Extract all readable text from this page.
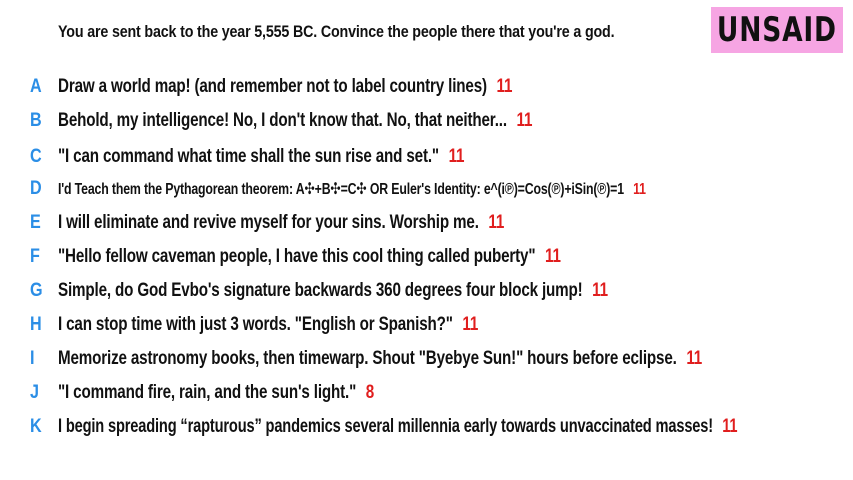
You are sent back to the year 5,555 BC. Convince the people there that you're a god.	UNSAID
A Draw a world map! (and remember not to label country lines) 11
B Behold, my intelligence! No, I don't know that. No, that neither... 11
C "I can command what time shall the sun rise and set." 11
D I'd Teach them the Pythagorean theorem: A✣+B✣=C✣ OR Euler's Identity: e^(i℗)=Cos(℗)+iSin(℗)=1 11
E I will eliminate and revive myself for your sins. Worship me. 11
F "Hello fellow caveman people, I have this cool thing called puberty" 11
G Simple, do God Evbo's signature backwards 360 degrees four block jump! 11
H I can stop time with just 3 words. "English or Spanish?" 11
I	Memorize astronomy books, then timewarp. Shout "Byebye Sun!" hours before eclipse. 11
J	"I command fire, rain, and the sun's light." 8
K I begin spreading “rapturous” pandemics several millennia early towards unvaccinated masses! 11
